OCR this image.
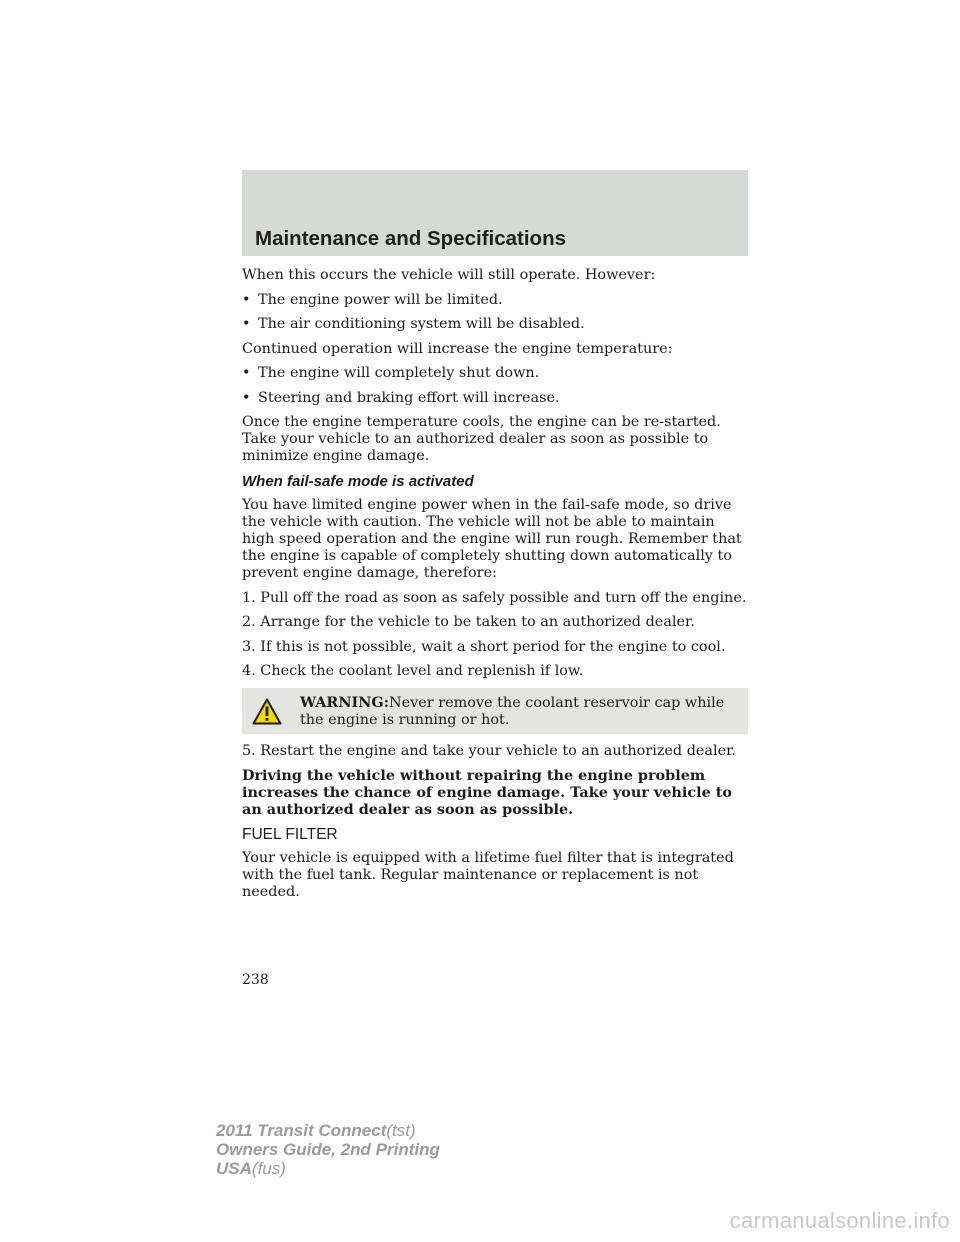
Maintenance and Specifications

When this occurs the vehicle will still operate. However:

• The engine power will be limited.

• The air conditioning system will be disabled.

Continued operation will increase the engine temperature:

• The engine will completely shut down.

• Steering and braking effort will increase.

Once the engine temperature cools, the engine can be re-started. Take your vehicle to an authorized dealer as soon as possible to minimize engine damage.

When fail-safe mode is activated

You have limited engine power when in the fail-safe mode, so drive the vehicle with caution. The vehicle will not be able to maintain high speed operation and the engine will run rough. Remember that the engine is capable of completely shutting down automatically to prevent engine damage, therefore:

1. Pull off the road as soon as safely possible and turn off the engine.

2. Arrange for the vehicle to be taken to an authorized dealer.

3. If this is not possible, wait a short period for the engine to cool.

4. Check the coolant level and replenish if low.

WARNING:Never remove the coolant reservoir cap while the engine is running or hot.

5. Restart the engine and take your vehicle to an authorized dealer.

Driving the vehicle without repairing the engine problem increases the chance of engine damage. Take your vehicle to an authorized dealer as soon as possible.

FUEL FILTER

Your vehicle is equipped with a lifetime fuel filter that is integrated with the fuel tank. Regular maintenance or replacement is not needed.

238
2011 Transit Connect(tst)
Owners Guide, 2nd Printing
USA(fus)
carmanualsonline.info
